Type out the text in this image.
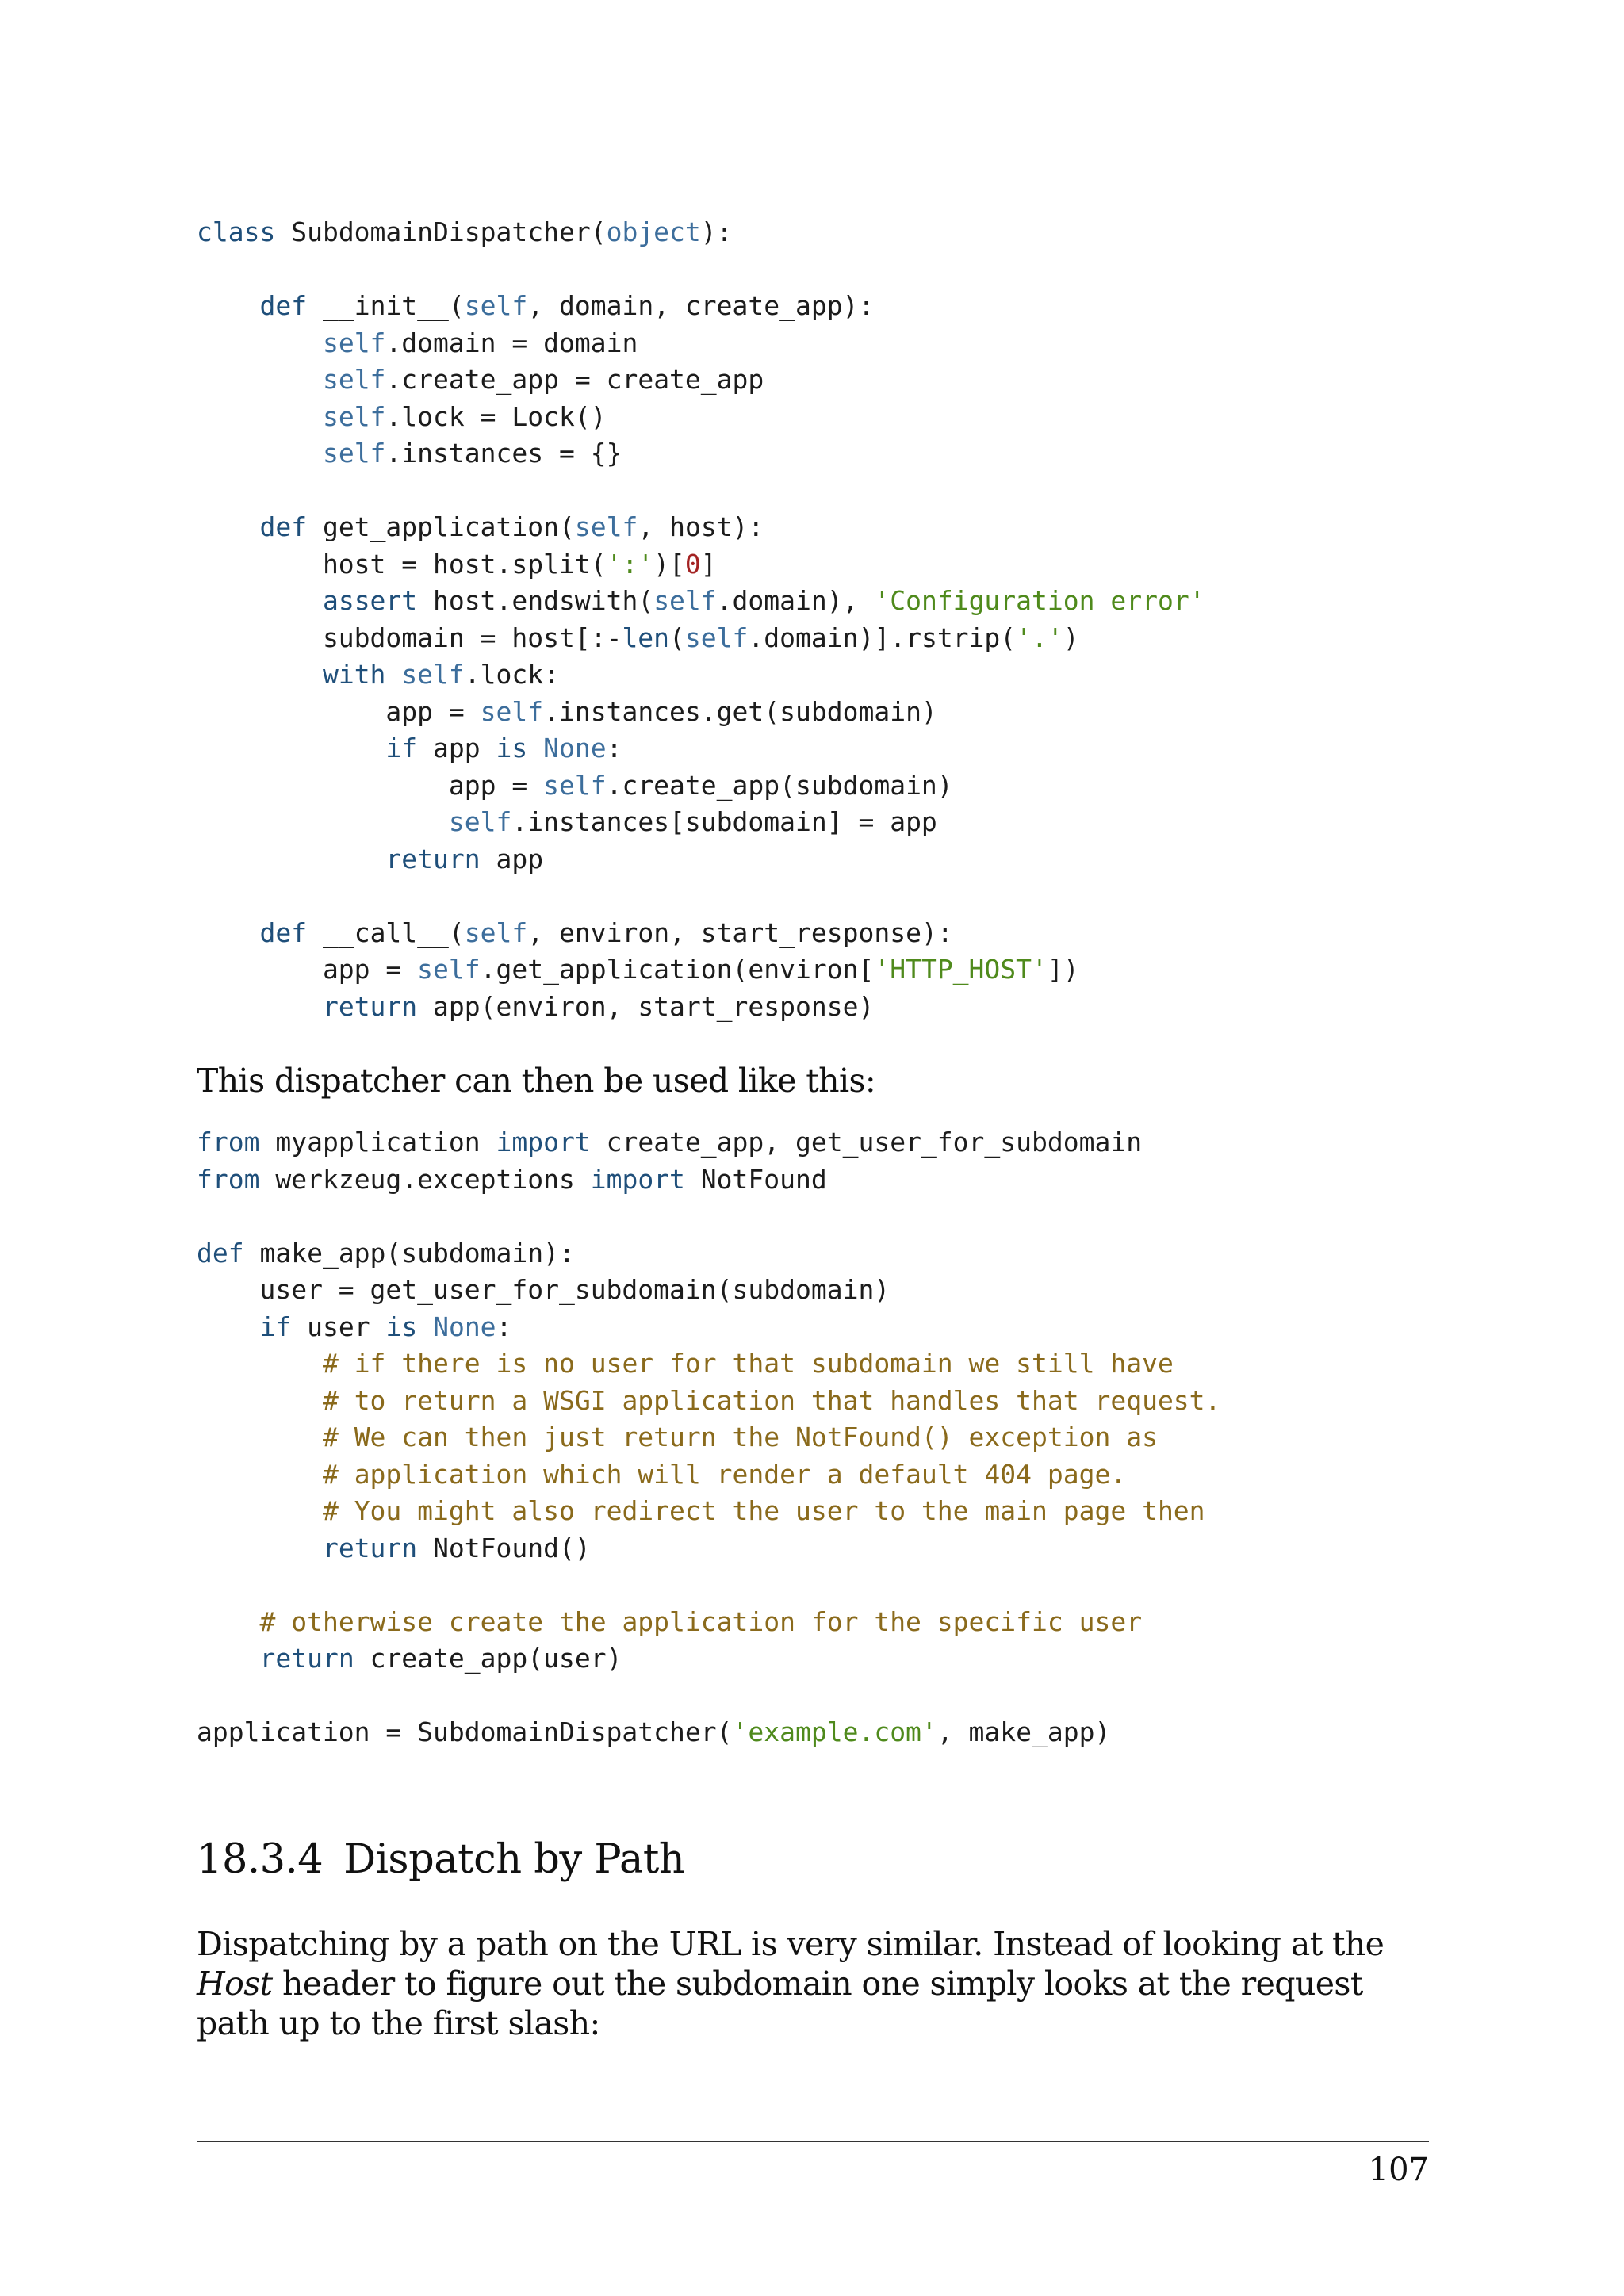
class SubdomainDispatcher(object):

def __init__(self, domain, create_app):
self.domain = domain
self.create_app = create_app
self.lock = Lock()
self.instances = {}

def get_application(self, host):
host = host.split(':')[0]
assert host.endswith(self.domain), 'Configuration error'
subdomain = host[:-len(self.domain)].rstrip('.')
with self.lock:
app = self.instances.get(subdomain)
if app is None:
app = self.create_app(subdomain)
self.instances[subdomain] = app
return app

def __call__(self, environ, start_response):
app = self.get_application(environ['HTTP_HOST'])
return app(environ, start_response)

This dispatcher can then be used like this:

from myapplication import create_app, get_user_for_subdomain
from werkzeug.exceptions import NotFound

def make_app(subdomain):
user = get_user_for_subdomain(subdomain)
if user is None:
# if there is no user for that subdomain we still have
# to return a WSGI application that handles that request.
# We can then just return the NotFound() exception as
# application which will render a default 404 page.
# You might also redirect the user to the main page then
return NotFound()

# otherwise create the application for the specific user
return create_app(user)

application = SubdomainDispatcher('example.com', make_app)
18.3.4 Dispatch by Path

Dispatching by a path on the URL is very similar. Instead of looking at the Host header to figure out the subdomain one simply looks at the request path up to the first slash:

107
